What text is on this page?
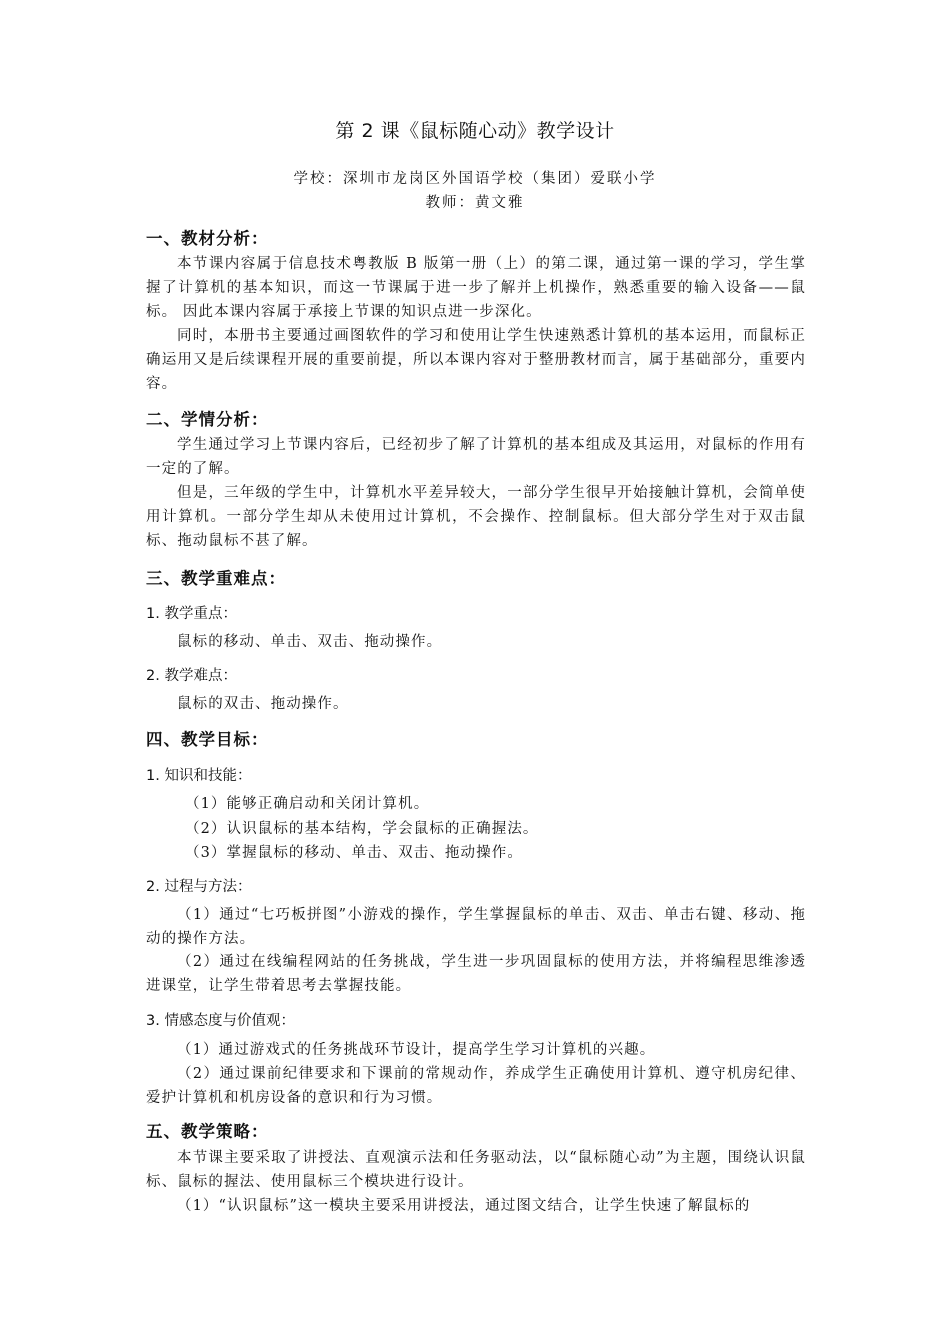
第 2 课《鼠标随心动》教学设计
学校：深圳市龙岗区外国语学校（集团）爱联小学
教师：黄文雅
一、教材分析：
本节课内容属于信息技术粤教版 B 版第一册（上）的第二课，通过第一课的学习，学生掌握了计算机的基本知识，而这一节课属于进一步了解并上机操作，熟悉重要的输入设备——鼠标。 因此本课内容属于承接上节课的知识点进一步深化。
同时，本册书主要通过画图软件的学习和使用让学生快速熟悉计算机的基本运用，而鼠标正确运用又是后续课程开展的重要前提，所以本课内容对于整册教材而言，属于基础部分，重要内容。
二、学情分析：
学生通过学习上节课内容后，已经初步了解了计算机的基本组成及其运用，对鼠标的作用有一定的了解。
但是，三年级的学生中，计算机水平差异较大，一部分学生很早开始接触计算机，会简单使用计算机。一部分学生却从未使用过计算机，不会操作、控制鼠标。但大部分学生对于双击鼠标、拖动鼠标不甚了解。
三、教学重难点：
1. 教学重点：
鼠标的移动、单击、双击、拖动操作。
2. 教学难点：
鼠标的双击、拖动操作。
四、教学目标：
1. 知识和技能：
（1）能够正确启动和关闭计算机。
（2）认识鼠标的基本结构，学会鼠标的正确握法。
（3）掌握鼠标的移动、单击、双击、拖动操作。
2. 过程与方法：
（1）通过“七巧板拼图”小游戏的操作，学生掌握鼠标的单击、双击、单击右键、移动、拖动的操作方法。
（2）通过在线编程网站的任务挑战，学生进一步巩固鼠标的使用方法，并将编程思维渗透进课堂，让学生带着思考去掌握技能。
3. 情感态度与价值观：
（1）通过游戏式的任务挑战环节设计，提高学生学习计算机的兴趣。
（2）通过课前纪律要求和下课前的常规动作，养成学生正确使用计算机、遵守机房纪律、爱护计算机和机房设备的意识和行为习惯。
五、教学策略：
本节课主要采取了讲授法、直观演示法和任务驱动法，以“鼠标随心动”为主题，围绕认识鼠标、鼠标的握法、使用鼠标三个模块进行设计。
（1）“认识鼠标”这一模块主要采用讲授法，通过图文结合，让学生快速了解鼠标的
